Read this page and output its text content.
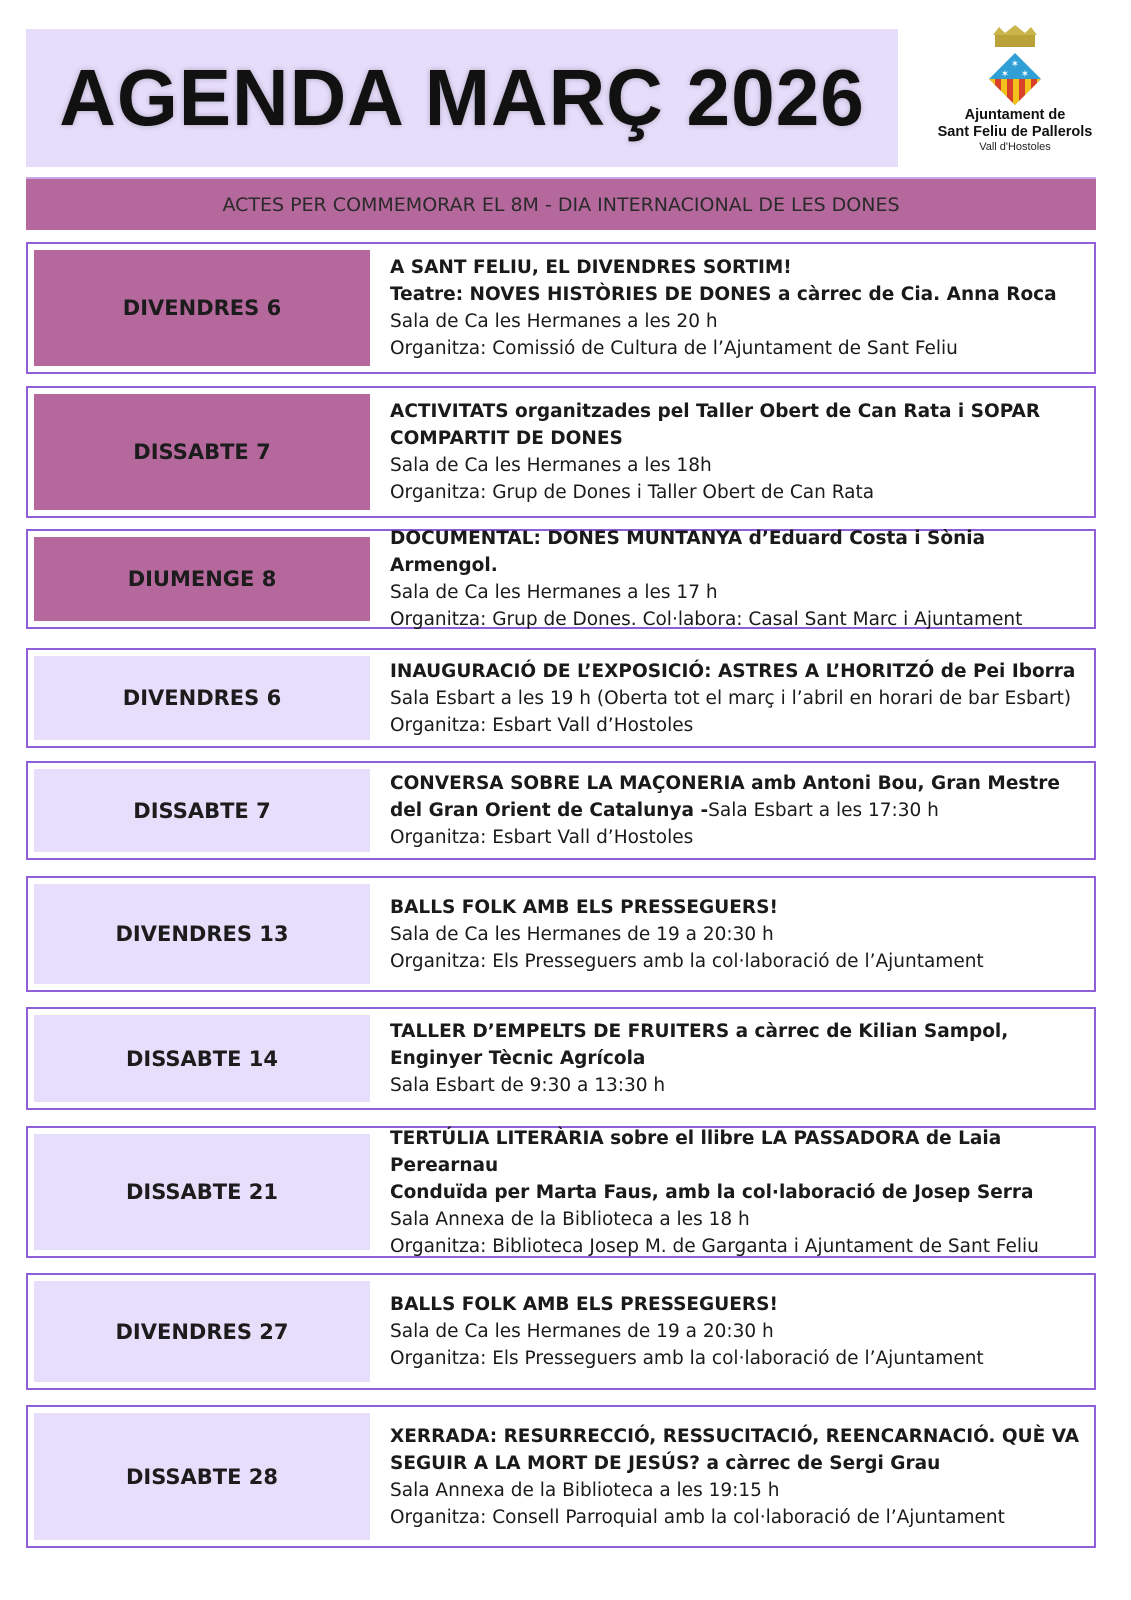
AGENDA MARÇ 2026	✶
✶ ✶
Ajuntament de
Sant Feliu de Pallerols
Vall d'Hostoles
ACTES PER COMMEMORAR EL 8M - DIA INTERNACIONAL DE LES DONES
DIVENDRES 6
A SANT FELIU, EL DIVENDRES SORTIM!
Teatre: NOVES HISTÒRIES DE DONES a càrrec de Cia. Anna Roca
Sala de Ca les Hermanes a les 20 h
Organitza: Comissió de Cultura de l’Ajuntament de Sant Feliu
DISSABTE 7
ACTIVITATS organitzades pel Taller Obert de Can Rata i SOPAR COMPARTIT DE DONES
Sala de Ca les Hermanes a les 18h
Organitza: Grup de Dones i Taller Obert de Can Rata
DIUMENGE 8
DOCUMENTAL: DONES MUNTANYA d’Eduard Costa i Sònia Armengol.
Sala de Ca les Hermanes a les 17 h
Organitza: Grup de Dones. Col·labora: Casal Sant Marc i Ajuntament
DIVENDRES 6
INAUGURACIÓ DE L’EXPOSICIÓ: ASTRES A L’HORITZÓ de Pei Iborra
Sala Esbart a les 19 h (Oberta tot el març i l’abril en horari de bar Esbart)
Organitza: Esbart Vall d’Hostoles
DISSABTE 7
CONVERSA SOBRE LA MAÇONERIA amb Antoni Bou, Gran Mestre del Gran Orient de Catalunya -Sala Esbart a les 17:30 h
Organitza: Esbart Vall d’Hostoles
DIVENDRES 13
BALLS FOLK AMB ELS PRESSEGUERS!
Sala de Ca les Hermanes de 19 a 20:30 h
Organitza: Els Presseguers amb la col·laboració de l’Ajuntament
DISSABTE 14
TALLER D’EMPELTS DE FRUITERS a càrrec de Kilian Sampol, Enginyer Tècnic Agrícola
Sala Esbart de 9:30 a 13:30 h
DISSABTE 21
TERTÚLIA LITERÀRIA sobre el llibre LA PASSADORA de Laia Perearnau
Conduïda per Marta Faus, amb la col·laboració de Josep Serra
Sala Annexa de la Biblioteca a les 18 h
Organitza: Biblioteca Josep M. de Garganta i Ajuntament de Sant Feliu
DIVENDRES 27
BALLS FOLK AMB ELS PRESSEGUERS!
Sala de Ca les Hermanes de 19 a 20:30 h
Organitza: Els Presseguers amb la col·laboració de l’Ajuntament
DISSABTE 28
XERRADA: RESURRECCIÓ, RESSUCITACIÓ, REENCARNACIÓ. QUÈ VA SEGUIR A LA MORT DE JESÚS? a càrrec de Sergi Grau
Sala Annexa de la Biblioteca a les 19:15 h
Organitza: Consell Parroquial amb la col·laboració de l’Ajuntament
